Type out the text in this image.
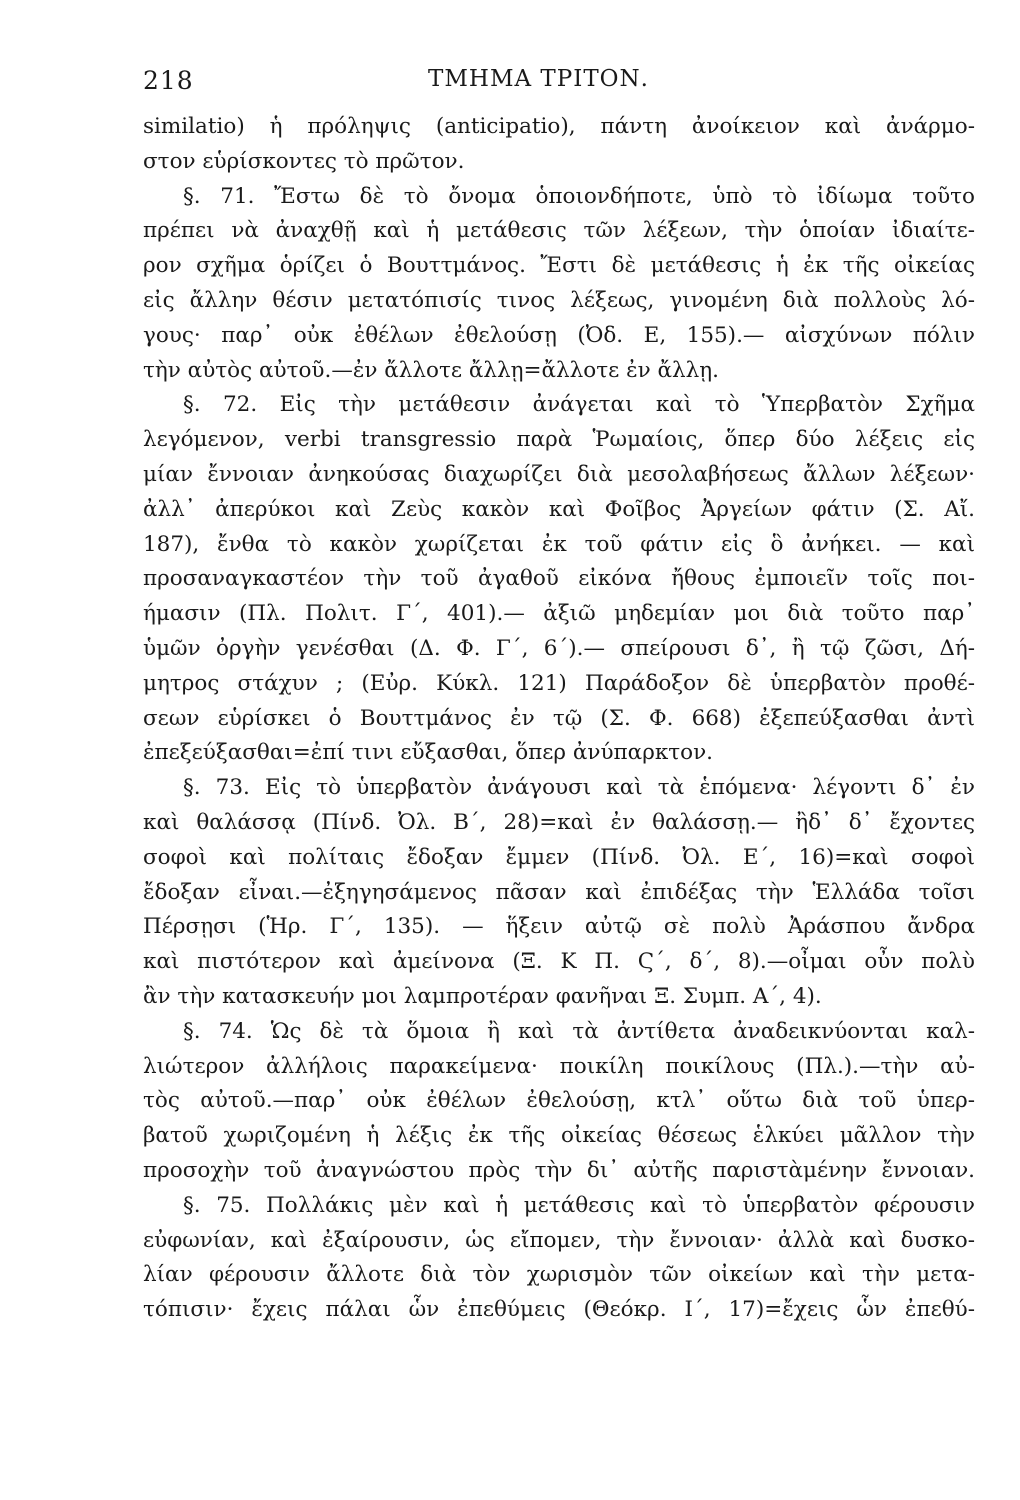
218	ΤΜΗΜΑ ΤΡΙΤΟΝ.
similatio) ἡ πρόληψις (anticipatio), πάντη ἀνοίκειον καὶ ἀνάρμο-
στον εὑρίσκοντες τὸ πρῶτον.
§. 71. Ἔστω δὲ τὸ ὄνομα ὁποιονδήποτε, ὑπὸ τὸ ἰδίωμα τοῦτο
πρέπει νὰ ἀναχθῇ καὶ ἡ μετάθεσις τῶν λέξεων, τὴν ὁποίαν ἰδιαίτε-
ρον σχῆμα ὁρίζει ὁ Βουττμάνος. Ἔστι δὲ μετάθεσις ἡ ἐκ τῆς οἰκείας
εἰς ἄλλην θέσιν μετατόπισίς τινος λέξεως, γινομένη διὰ πολλοὺς λό-
γους· παρ᾽ οὐκ ἐθέλων ἐθελούσῃ (Ὀδ. Ε, 155).— αἰσχύνων πόλιν
τὴν αὐτὸς αὐτοῦ.—ἐν ἄλλοτε ἄλλῃ=ἄλλοτε ἐν ἄλλῃ.
§. 72. Εἰς τὴν μετάθεσιν ἀνάγεται καὶ τὸ Ὑπερβατὸν Σχῆμα
λεγόμενον, verbi transgressio παρὰ Ῥωμαίοις, ὅπερ δύο λέξεις εἰς
μίαν ἔννοιαν ἀνηκούσας διαχωρίζει διὰ μεσολαβήσεως ἄλλων λέξεων·
ἀλλ᾽ ἀπερύκοι καὶ Ζεὺς κακὸν καὶ Φοῖβος Ἀργείων φάτιν (Σ. Αἴ.
187), ἔνθα τὸ κακὸν χωρίζεται ἐκ τοῦ φάτιν εἰς ὃ ἀνήκει. — καὶ
προσαναγκαστέον τὴν τοῦ ἀγαθοῦ εἰκόνα ἤθους ἐμποιεῖν τοῖς ποι-
ήμασιν (Πλ. Πολιτ. Γ΄, 401).— ἀξιῶ μηδεμίαν μοι διὰ τοῦτο παρ᾽
ὑμῶν ὀργὴν γενέσθαι (Δ. Φ. Γ΄, 6΄).— σπείρουσι δ᾽, ἢ τῷ ζῶσι, Δή-
μητρος στάχυν ; (Εὐρ. Κύκλ. 121) Παράδοξον δὲ ὑπερβατὸν προθέ-
σεων εὑρίσκει ὁ Βουττμάνος ἐν τῷ (Σ. Φ. 668) ἐξεπεύξασθαι ἀντὶ
ἐπεξεύξασθαι=ἐπί τινι εὔξασθαι, ὅπερ ἀνύπαρκτον.
§. 73. Εἰς τὸ ὑπερβατὸν ἀνάγουσι καὶ τὰ ἑπόμενα· λέγοντι δ᾽ ἐν
καὶ θαλάσσᾳ (Πίνδ. Ὀλ. Β΄, 28)=καὶ ἐν θαλάσσῃ.— ἢδ᾽ δ᾽ ἔχοντες
σοφοὶ καὶ πολίταις ἔδοξαν ἔμμεν (Πίνδ. Ὀλ. Ε΄, 16)=καὶ σοφοὶ
ἔδοξαν εἶναι.—ἐξηγησάμενος πᾶσαν καὶ ἐπιδέξας τὴν Ἑλλάδα τοῖσι
Πέρσῃσι (Ἡρ. Γ΄, 135). — ἥξειν αὐτῷ σὲ πολὺ Ἀράσπου ἄνδρα
καὶ πιστότερον καὶ ἀμείνονα (Ξ. Κ Π. Ϛ΄, δ΄, 8).—οἶμαι οὖν πολὺ
ἂν τὴν κατασκευήν μοι λαμπροτέραν φανῆναι Ξ. Συμπ. Α΄, 4).
§. 74. Ὡς δὲ τὰ ὅμοια ἢ καὶ τὰ ἀντίθετα ἀναδεικνύονται καλ-
λιώτερον ἀλλήλοις παρακείμενα· ποικίλη ποικίλους (Πλ.).—τὴν αὐ-
τὸς αὐτοῦ.—παρ᾽ οὐκ ἐθέλων ἐθελούσῃ, κτλ᾽ οὕτω διὰ τοῦ ὑπερ-
βατοῦ χωριζομένη ἡ λέξις ἐκ τῆς οἰκείας θέσεως ἑλκύει μᾶλλον τὴν
προσοχὴν τοῦ ἀναγνώστου πρὸς τὴν δι᾽ αὐτῆς παριστὰμένην ἔννοιαν.
§. 75. Πολλάκις μὲν καὶ ἡ μετάθεσις καὶ τὸ ὑπερβατὸν φέρουσιν
εὐφωνίαν, καὶ ἐξαίρουσιν, ὡς εἴπομεν, τὴν ἔννοιαν· ἀλλὰ καὶ δυσκο-
λίαν φέρουσιν ἄλλοτε διὰ τὸν χωρισμὸν τῶν οἰκείων καὶ τὴν μετα-
τόπισιν· ἔχεις πάλαι ὧν ἐπεθύμεις (Θεόκρ. Ι΄, 17)=ἔχεις ὧν ἐπεθύ-
